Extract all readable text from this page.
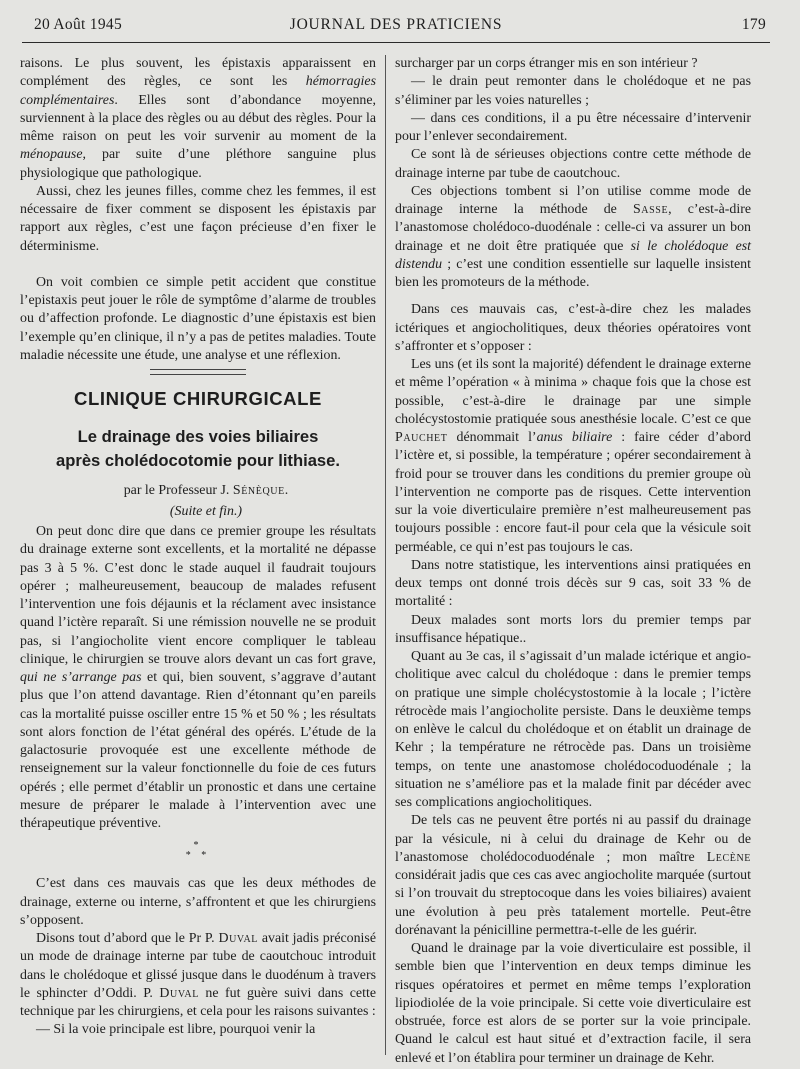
20 Août 1945	JOURNAL DES PRATICIENS	179

raisons. Le plus souvent, les épistaxis apparaissent en complément des règles, ce sont les hémorragies complémentaires. Elles sont d’abondance moyenne, surviennent à la place des règles ou au début des règles. Pour la même raison on peut les voir survenir au moment de la ménopause, par suite d’une pléthore sanguine plus physiologique que pathologique.

Aussi, chez les jeunes filles, comme chez les femmes, il est nécessaire de fixer comment se disposent les épistaxis par rapport aux règles, c’est une façon précieuse d’en fixer le déterminisme.

On voit combien ce simple petit accident que constitue l’epistaxis peut jouer le rôle de symptôme d’alarme de troubles ou d’affection profonde. Le diagnostic d’une épistaxis est bien l’exemple qu’en clinique, il n’y a pas de petites maladies. Toute maladie nécessite une étude, une analyse et une réflexion.

CLINIQUE CHIRURGICALE
Le drainage des voies biliaires
après cholédocotomie pour lithiase.

par le Professeur J. Sénèque.

(Suite et fin.)

On peut donc dire que dans ce premier groupe les résultats du drainage externe sont excellents, et la mortalité ne dépasse pas 3 à 5 %. C’est donc le stade auquel il faudrait toujours opérer ; malheureusement, beaucoup de malades refusent l’intervention une fois déjaunis et la réclament avec insistance quand l’ictère reparaît. Si une rémission nouvelle ne se produit pas, si l’angiocholite vient encore compliquer le tableau clinique, le chirurgien se trouve alors devant un cas fort grave, qui ne s’arrange pas et qui, bien souvent, s’aggrave d’autant plus que l’on attend davantage. Rien d’étonnant qu’en pareils cas la mortalité puisse osciller entre 15 % et 50 % ; les résultats sont alors fonction de l’état général des opérés. L’étude de la galactosurie provoquée est une excellente méthode de renseignement sur la valeur fonctionnelle du foie de ces futurs opérés ; elle permet d’établir un pronostic et dans une certaine mesure de préparer le malade à l’intervention avec une thérapeutique préventive.

*
* *

C’est dans ces mauvais cas que les deux méthodes de drainage, externe ou interne, s’affrontent et que les chirurgiens s’opposent.

Disons tout d’abord que le Pr P. Duval avait jadis préconisé un mode de drainage interne par tube de caoutchouc introduit dans le cholédoque et glissé jusque dans le duodénum à travers le sphincter d’Oddi. P. Duval ne fut guère suivi dans cette technique par les chirurgiens, et cela pour les raisons suivantes :

— Si la voie principale est libre, pourquoi venir la

surcharger par un corps étranger mis en son intérieur ?

— le drain peut remonter dans le cholédoque et ne pas s’éliminer par les voies naturelles ;

— dans ces conditions, il a pu être nécessaire d’intervenir pour l’enlever secondairement.

Ce sont là de sérieuses objections contre cette méthode de drainage interne par tube de caoutchouc.

Ces objections tombent si l’on utilise comme mode de drainage interne la méthode de Sasse, c’est-à-dire l’anastomose cholédoco-duodénale : celle-ci va assurer un bon drainage et ne doit être pratiquée que si le cholédoque est distendu ; c’est une condition essentielle sur laquelle insistent bien les promoteurs de la méthode.

Dans ces mauvais cas, c’est-à-dire chez les malades ictériques et angiocholitiques, deux théories opératoires vont s’affronter et s’opposer :

Les uns (et ils sont la majorité) défendent le drainage externe et même l’opération « à minima » chaque fois que la chose est possible, c’est-à-dire le drainage par une simple cholécystostomie pratiquée sous anesthésie locale. C’est ce que Pauchet dénommait l’anus biliaire : faire céder d’abord l’ictère et, si possible, la température ; opérer secondairement à froid pour se trouver dans les conditions du premier groupe où l’intervention ne comporte pas de risques. Cette intervention sur la voie diverticulaire première n’est malheureusement pas toujours possible : encore faut-il pour cela que la vésicule soit perméable, ce qui n’est pas toujours le cas.

Dans notre statistique, les interventions ainsi pratiquées en deux temps ont donné trois décès sur 9 cas, soit 33 % de mortalité :

Deux malades sont morts lors du premier temps par insuffisance hépatique..

Quant au 3e cas, il s’agissait d’un malade ictérique et angio-cholitique avec calcul du cholédoque : dans le premier temps on pratique une simple cholécystostomie à la locale ; l’ictère rétrocède mais l’angiocholite persiste. Dans le deuxième temps on enlève le calcul du cholédoque et on établit un drainage de Kehr ; la température ne rétrocède pas. Dans un troisième temps, on tente une anastomose cholédocoduodénale ; la situation ne s’améliore pas et la malade finit par décéder avec ses complications angiocholitiques.

De tels cas ne peuvent être portés ni au passif du drainage par la vésicule, ni à celui du drainage de Kehr ou de l’anastomose cholédocoduodénale ; mon maître Lecène considérait jadis que ces cas avec angiocholite marquée (surtout si l’on trouvait du streptocoque dans les voies biliaires) avaient une évolution à peu près tatalement mortelle. Peut-être dorénavant la pénicilline permettra-t-elle de les guérir.

Quand le drainage par la voie diverticulaire est possible, il semble bien que l’intervention en deux temps diminue les risques opératoires et permet en même temps l’exploration lipiodiolée de la voie principale. Si cette voie diverticulaire est obstruée, force est alors de se porter sur la voie principale. Quand le calcul est haut situé et d’extraction facile, il sera enlevé et l’on établira pour terminer un drainage de Kehr.
